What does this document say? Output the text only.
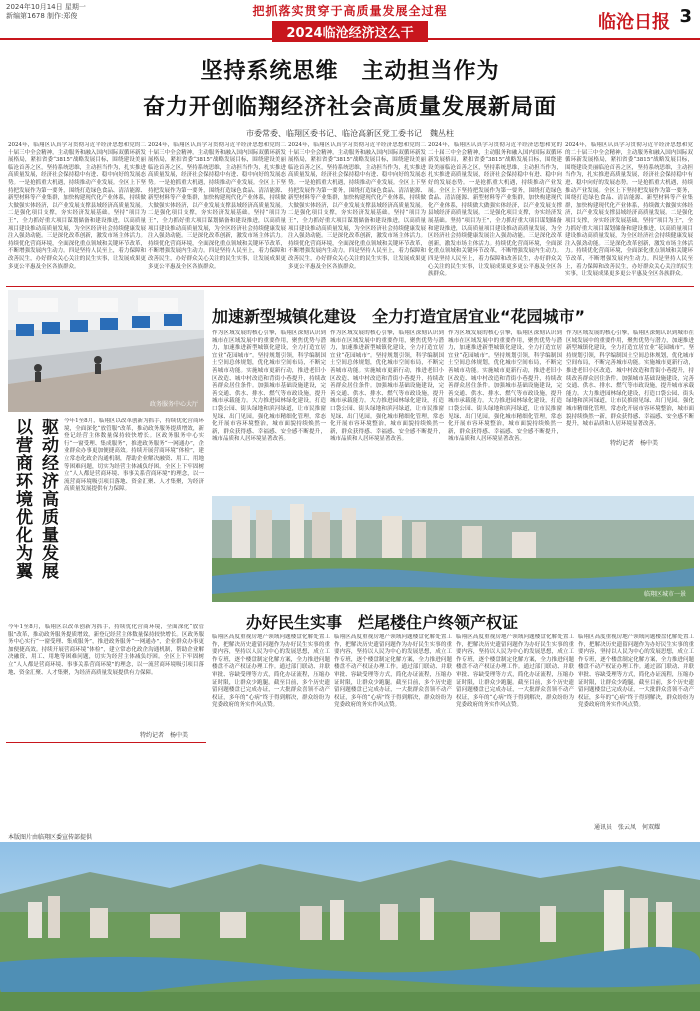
2024年10月14日 星期一
新编第1678 制作:郑俊	把抓落实贯穿于高质量发展全过程
2024临沧经济这么干
临沧日报 3
坚持系统思维　主动担当作为
奋力开创临翔经济社会高质量发展新局面
市委常委、临翔区委书记、临沧高新区党工委书记　魏丛柱
2024年，临翔区认真学习贯彻习近平经济思想和党的二十届三中全会精神，主动服务和融入国内国际双循环新发展格局，紧扣省委“3815”战略发展目标，围绕建设美丽临沧首善之区，坚持系统思维，主动担当作为，扎实推进高质量发展，经济社会保持稳中有进、稳中向好的发展态势。一是抢抓重大机遇，持续推动产业发展。全区上下坚持把发展作为第一要务，围绕打造绿色食品、清洁能源、新型材料等产业集群，加快构建现代化产业体系，持续做大做强实体经济，以产业发展支撑县域经济高质量发展。二是强化项目支撑，夯实经济发展基础。坚持“项目为王”，全力抓好重大项目谋划储备和建设推进，以高质量项目建设推动高质量发展，为全区经济社会持续健康发展注入强劲动能。三是深化改革创新，激发市场主体活力。持续优化营商环境，全面深化重点领域和关键环节改革，不断增强发展内生动力。四是坚持人民至上，着力保障和改善民生，办好群众关心关注的民生实事，让发展成果更多更公平惠及全区各族群众。
2024年，临翔区认真学习贯彻习近平经济思想和党的二十届三中全会精神，主动服务和融入国内国际双循环新发展格局，紧扣省委“3815”战略发展目标，围绕建设美丽临沧首善之区，坚持系统思维，主动担当作为，扎实推进高质量发展，经济社会保持稳中有进、稳中向好的发展态势。一是抢抓重大机遇，持续推动产业发展。全区上下坚持把发展作为第一要务，围绕打造绿色食品、清洁能源、新型材料等产业集群，加快构建现代化产业体系，持续做大做强实体经济，以产业发展支撑县域经济高质量发展。二是强化项目支撑，夯实经济发展基础。坚持“项目为王”，全力抓好重大项目谋划储备和建设推进，以高质量项目建设推动高质量发展，为全区经济社会持续健康发展注入强劲动能。三是深化改革创新，激发市场主体活力。持续优化营商环境，全面深化重点领域和关键环节改革，不断增强发展内生动力。四是坚持人民至上，着力保障和改善民生，办好群众关心关注的民生实事，让发展成果更多更公平惠及全区各族群众。
2024年，临翔区认真学习贯彻习近平经济思想和党的二十届三中全会精神，主动服务和融入国内国际双循环新发展格局，紧扣省委“3815”战略发展目标，围绕建设美丽临沧首善之区，坚持系统思维，主动担当作为，扎实推进高质量发展，经济社会保持稳中有进、稳中向好的发展态势。一是抢抓重大机遇，持续推动产业发展。全区上下坚持把发展作为第一要务，围绕打造绿色食品、清洁能源、新型材料等产业集群，加快构建现代化产业体系，持续做大做强实体经济，以产业发展支撑县域经济高质量发展。二是强化项目支撑，夯实经济发展基础。坚持“项目为王”，全力抓好重大项目谋划储备和建设推进，以高质量项目建设推动高质量发展，为全区经济社会持续健康发展注入强劲动能。三是深化改革创新，激发市场主体活力。持续优化营商环境，全面深化重点领域和关键环节改革，不断增强发展内生动力。四是坚持人民至上，着力保障和改善民生，办好群众关心关注的民生实事，让发展成果更多更公平惠及全区各族群众。
2024年，临翔区认真学习贯彻习近平经济思想和党的二十届三中全会精神，主动服务和融入国内国际双循环新发展格局，紧扣省委“3815”战略发展目标，围绕建设美丽临沧首善之区，坚持系统思维，主动担当作为，扎实推进高质量发展，经济社会保持稳中有进、稳中向好的发展态势。一是抢抓重大机遇，持续推动产业发展。全区上下坚持把发展作为第一要务，围绕打造绿色食品、清洁能源、新型材料等产业集群，加快构建现代化产业体系，持续做大做强实体经济，以产业发展支撑县域经济高质量发展。二是强化项目支撑，夯实经济发展基础。坚持“项目为王”，全力抓好重大项目谋划储备和建设推进，以高质量项目建设推动高质量发展，为全区经济社会持续健康发展注入强劲动能。三是深化改革创新，激发市场主体活力。持续优化营商环境，全面深化重点领域和关键环节改革，不断增强发展内生动力。四是坚持人民至上，着力保障和改善民生，办好群众关心关注的民生实事，让发展成果更多更公平惠及全区各族群众。
2024年，临翔区认真学习贯彻习近平经济思想和党的二十届三中全会精神，主动服务和融入国内国际双循环新发展格局，紧扣省委“3815”战略发展目标，围绕建设美丽临沧首善之区，坚持系统思维，主动担当作为，扎实推进高质量发展，经济社会保持稳中有进、稳中向好的发展态势。一是抢抓重大机遇，持续推动产业发展。全区上下坚持把发展作为第一要务，围绕打造绿色食品、清洁能源、新型材料等产业集群，加快构建现代化产业体系，持续做大做强实体经济，以产业发展支撑县域经济高质量发展。二是强化项目支撑，夯实经济发展基础。坚持“项目为王”，全力抓好重大项目谋划储备和建设推进，以高质量项目建设推动高质量发展，为全区经济社会持续健康发展注入强劲动能。三是深化改革创新，激发市场主体活力。持续优化营商环境，全面深化重点领域和关键环节改革，不断增强发展内生动力。四是坚持人民至上，着力保障和改善民生，办好群众关心关注的民生实事，让发展成果更多更公平惠及全区各族群众。
加速新型城镇化建设　全力打造宜居宜业“花园城市”
作为区域发展的核心引擎，临翔区深刻认识到城市在区域发展中的重要作用，聚焦优势与潜力，加速推进新型城镇化建设，全力打造宜居宜业“花园城市”。坚持规划引领，科学编制国土空间总体规划，优化城市空间布局，不断完善城市功能。实施城市更新行动，推进老旧小区改造、城中村改造和背街小巷提升，持续改善群众居住条件。加强城市基础设施建设，完善交通、供水、排水、燃气等市政设施，提升城市承载能力。大力推进园林绿化建设，打造口袋公园、街头绿地和滨河绿道，让市民推窗见绿、出门见园。强化城市精细化管理，常态化开展市容环境整治，城市面貌持续焕然一新，群众获得感、幸福感、安全感不断提升，城市品质和人居环境显著改善。
作为区域发展的核心引擎，临翔区深刻认识到城市在区域发展中的重要作用，聚焦优势与潜力，加速推进新型城镇化建设，全力打造宜居宜业“花园城市”。坚持规划引领，科学编制国土空间总体规划，优化城市空间布局，不断完善城市功能。实施城市更新行动，推进老旧小区改造、城中村改造和背街小巷提升，持续改善群众居住条件。加强城市基础设施建设，完善交通、供水、排水、燃气等市政设施，提升城市承载能力。大力推进园林绿化建设，打造口袋公园、街头绿地和滨河绿道，让市民推窗见绿、出门见园。强化城市精细化管理，常态化开展市容环境整治，城市面貌持续焕然一新，群众获得感、幸福感、安全感不断提升，城市品质和人居环境显著改善。
作为区域发展的核心引擎，临翔区深刻认识到城市在区域发展中的重要作用，聚焦优势与潜力，加速推进新型城镇化建设，全力打造宜居宜业“花园城市”。坚持规划引领，科学编制国土空间总体规划，优化城市空间布局，不断完善城市功能。实施城市更新行动，推进老旧小区改造、城中村改造和背街小巷提升，持续改善群众居住条件。加强城市基础设施建设，完善交通、供水、排水、燃气等市政设施，提升城市承载能力。大力推进园林绿化建设，打造口袋公园、街头绿地和滨河绿道，让市民推窗见绿、出门见园。强化城市精细化管理，常态化开展市容环境整治，城市面貌持续焕然一新，群众获得感、幸福感、安全感不断提升，城市品质和人居环境显著改善。
作为区域发展的核心引擎，临翔区深刻认识到城市在区域发展中的重要作用，聚焦优势与潜力，加速推进新型城镇化建设，全力打造宜居宜业“花园城市”。坚持规划引领，科学编制国土空间总体规划，优化城市空间布局，不断完善城市功能。实施城市更新行动，推进老旧小区改造、城中村改造和背街小巷提升，持续改善群众居住条件。加强城市基础设施建设，完善交通、供水、排水、燃气等市政设施，提升城市承载能力。大力推进园林绿化建设，打造口袋公园、街头绿地和滨河绿道，让市民推窗见绿、出门见园。强化城市精细化管理，常态化开展市容环境整治，城市面貌持续焕然一新，群众获得感、幸福感、安全感不断提升，城市品质和人居环境显著改善。
特约记者　杨中美
政务服务中心大厅
以营商环境优化为翼 驱动经济高质量发展 今年1至8月，临翔区以改革创新为抓手，持续优化营商环境，全面深化“放管服”改革，推动政务服务提质增效，新登记经营主体数量保持较快增长。区政务服务中心实行“一窗受理、集成服务”，推进政务服务“一网通办”，企业群众办事更加便捷高效。持续开展营商环境“体检”，建立常态化政企沟通机制，帮助企业解决融资、用工、用地等困难问题，切实为经营主体减负纾困。全区上下牢固树立“人人都是营商环境、事事关系营商环境”的理念，以一流营商环境吸引项目落地、资金汇聚、人才集聚，为经济高质量发展提供有力保障。
今年1至8月，临翔区以改革创新为抓手，持续优化营商环境，全面深化“放管服”改革，推动政务服务提质增效，新登记经营主体数量保持较快增长。区政务服务中心实行“一窗受理、集成服务”，推进政务服务“一网通办”，企业群众办事更加便捷高效。持续开展营商环境“体检”，建立常态化政企沟通机制，帮助企业解决融资、用工、用地等困难问题，切实为经营主体减负纾困。全区上下牢固树立“人人都是营商环境、事事关系营商环境”的理念，以一流营商环境吸引项目落地、资金汇聚、人才集聚，为经济高质量发展提供有力保障。
特约记者　杨中美
临翔区城市一景
办好民生实事　烂尾楼住户终领产权证
临翔区高度重视房地产领域问题楼盘化解处置工作，把解决历史遗留问题作为办好民生实事的重要内容，坚持以人民为中心的发展思想，成立工作专班，逐个楼盘制定化解方案，全力推进问题楼盘不动产权证办理工作。通过部门联动、并联审批、容缺受理等方式，简化办证流程，压缩办证时限，让群众少跑腿。截至目前，多个历史遗留问题楼盘已完成办证，一大批群众喜领不动产权证，多年的“心病”终于得到解决，群众纷纷为党委政府的务实作风点赞。
临翔区高度重视房地产领域问题楼盘化解处置工作，把解决历史遗留问题作为办好民生实事的重要内容，坚持以人民为中心的发展思想，成立工作专班，逐个楼盘制定化解方案，全力推进问题楼盘不动产权证办理工作。通过部门联动、并联审批、容缺受理等方式，简化办证流程，压缩办证时限，让群众少跑腿。截至目前，多个历史遗留问题楼盘已完成办证，一大批群众喜领不动产权证，多年的“心病”终于得到解决，群众纷纷为党委政府的务实作风点赞。
临翔区高度重视房地产领域问题楼盘化解处置工作，把解决历史遗留问题作为办好民生实事的重要内容，坚持以人民为中心的发展思想，成立工作专班，逐个楼盘制定化解方案，全力推进问题楼盘不动产权证办理工作。通过部门联动、并联审批、容缺受理等方式，简化办证流程，压缩办证时限，让群众少跑腿。截至目前，多个历史遗留问题楼盘已完成办证，一大批群众喜领不动产权证，多年的“心病”终于得到解决，群众纷纷为党委政府的务实作风点赞。
临翔区高度重视房地产领域问题楼盘化解处置工作，把解决历史遗留问题作为办好民生实事的重要内容，坚持以人民为中心的发展思想，成立工作专班，逐个楼盘制定化解方案，全力推进问题楼盘不动产权证办理工作。通过部门联动、并联审批、容缺受理等方式，简化办证流程，压缩办证时限，让群众少跑腿。截至目前，多个历史遗留问题楼盘已完成办证，一大批群众喜领不动产权证，多年的“心病”终于得到解决，群众纷纷为党委政府的务实作风点赞。
通讯员　张云凤　何双耀
本版图片由临翔区委宣传部提供
